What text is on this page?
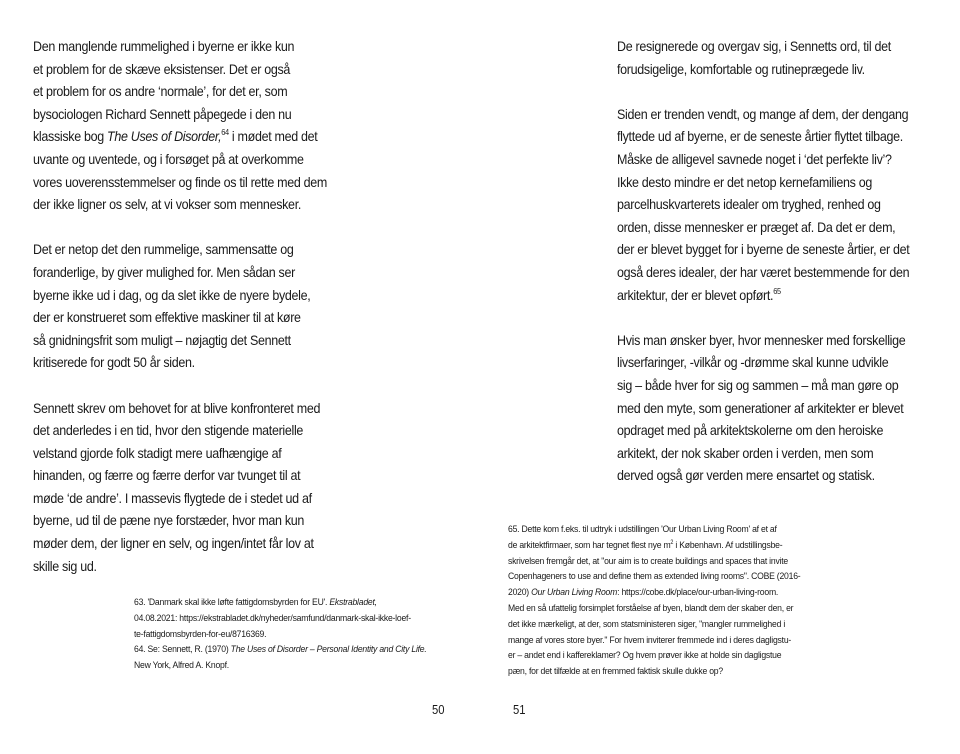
Den manglende rummelighed i byerne er ikke kun
et problem for de skæve eksistenser. Det er også
et problem for os andre ‘normale’, for det er, som
bysociologen Richard Sennett påpegede i den nu
klassiske bog The Uses of Disorder,$^{64}$ i mødet med det
uvante og uventede, og i forsøget på at overkomme
vores uoverensstemmelser og finde os til rette med dem
der ikke ligner os selv, at vi vokser som mennesker.

Det er netop det den rummelige, sammensatte og
foranderlige, by giver mulighed for. Men sådan ser
byerne ikke ud i dag, og da slet ikke de nyere bydele,
der er konstrueret som effektive maskiner til at køre
så gnidningsfrit som muligt – nøjagtig det Sennett
kritiserede for godt 50 år siden.

Sennett skrev om behovet for at blive konfronteret med
det anderledes i en tid, hvor den stigende materielle
velstand gjorde folk stadigt mere uafhængige af
hinanden, og færre og færre derfor var tvunget til at
møde ‘de andre’. I massevis flygtede de i stedet ud af
byerne, ud til de pæne nye forstæder, hvor man kun
møder dem, der ligner en selv, og ingen/intet får lov at
skille sig ud.

63. 'Danmark skal ikke løfte fattigdomsbyrden for EU'. Ekstrabladet,
04.08.2021: https://ekstrabladet.dk/nyheder/samfund/danmark-skal-ikke-loef-
te-fattigdomsbyrden-for-eu/8716369.
64. Se: Sennett, R. (1970) The Uses of Disorder – Personal Identity and City Life.
New York, Alfred A. Knopf.
50

De resignerede og overgav sig, i Sennetts ord, til det
forudsigelige, komfortable og rutineprægede liv.

Siden er trenden vendt, og mange af dem, der dengang
flyttede ud af byerne, er de seneste årtier flyttet tilbage.
Måske de alligevel savnede noget i ‘det perfekte liv’?
Ikke desto mindre er det netop kernefamiliens og
parcelhuskvarterets idealer om tryghed, renhed og
orden, disse mennesker er præget af. Da det er dem,
der er blevet bygget for i byerne de seneste årtier, er det
også deres idealer, der har været bestemmende for den
arkitektur, der er blevet opført.$^{65}$

Hvis man ønsker byer, hvor mennesker med forskellige
livserfaringer, -vilkår og -drømme skal kunne udvikle
sig – både hver for sig og sammen – må man gøre op
med den myte, som generationer af arkitekter er blevet
opdraget med på arkitektskolerne om den heroiske
arkitekt, der nok skaber orden i verden, men som
derved også gør verden mere ensartet og statisk.

65. Dette kom f.eks. til udtryk i udstillingen 'Our Urban Living Room' af et af
de arkitektfirmaer, som har tegnet flest nye m$^2$ i København. Af udstillingsbe-
skrivelsen fremgår det, at "our aim is to create buildings and spaces that invite
Copenhageners to use and define them as extended living rooms". COBE (2016-
2020) Our Urban Living Room: https://cobe.dk/place/our-urban-living-room.
Med en så ufattelig forsimplet forståelse af byen, blandt dem der skaber den, er
det ikke mærkeligt, at der, som statsministeren siger, "mangler rummelighed i
mange af vores store byer." For hvem inviterer fremmede ind i deres dagligstu-
er – andet end i kaffereklamer? Og hvem prøver ikke at holde sin dagligstue
pæn, for det tilfælde at en fremmed faktisk skulle dukke op?
51
